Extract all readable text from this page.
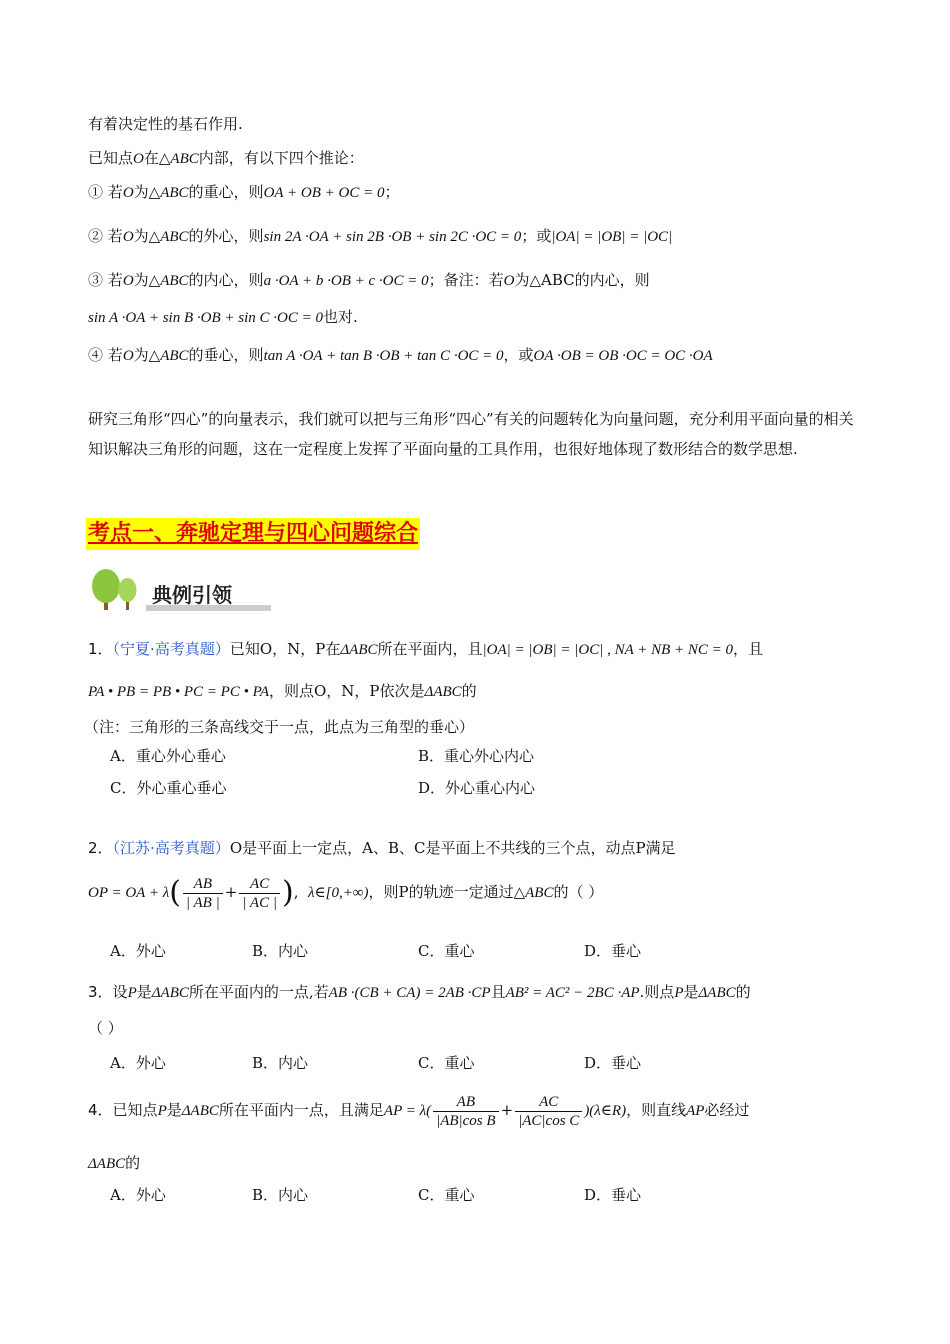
有着决定性的基石作用.
已知点O在△ABC内部，有以下四个推论：
① 若O为△ABC的重心，则OA + OB + OC = 0；
② 若O为△ABC的外心，则sin 2A ·OA + sin 2B ·OB + sin 2C ·OC = 0；或|OA| = |OB| = |OC|
③ 若O为△ABC的内心，则a ·OA + b ·OB + c ·OC = 0；备注：若O为△ABC的内心，则
sin A ·OA + sin B ·OB + sin C ·OC = 0也对.
④ 若O为△ABC的垂心，则tan A ·OA + tan B ·OB + tan C ·OC = 0，或OA ·OB = OB ·OC = OC ·OA
研究三角形“四心”的向量表示，我们就可以把与三角形“四心”有关的问题转化为向量问题，充分利用平面向量的相关知识解决三角形的问题，这在一定程度上发挥了平面向量的工具作用，也很好地体现了数形结合的数学思想.
考点一、奔驰定理与四心问题综合
典例引领
1．（宁夏·高考真题）已知O，N，P在ΔABC所在平面内，且|OA| = |OB| = |OC| , NA + NB + NC = 0，且
PA • PB = PB • PC = PC • PA，则点O，N，P依次是ΔABC的
（注：三角形的三条高线交于一点，此点为三角型的垂心）
A．重心外心垂心	B．重心外心内心
C．外心重心垂心	D．外心重心内心
2．（江苏·高考真题）O是平面上一定点，A、B、C是平面上不共线的三个点，动点P满足
OP = OA + $\lambda( \frac{AB}{| AB |} + \frac{AC}{| AC |}$ ),  λ∈[0,+∞)，则P的轨迹一定通过△ABC的（ ）
A．外心	B．内心	C．重心	D．垂心
3．设P是ΔABC所在平面内的一点,若AB ·(CB + CA) = 2AB ·CP且AB² = AC² − 2BC ·AP.则点P是ΔABC的
（ ）
A．外心	B．内心	C．重心	D．垂心
4．已知点P是ΔABC所在平面内一点，且满足AP = $\lambda( \frac{AB}{\text{|AB|cos B}} + \frac{AC}{\text{|AC|cos C}}$ )(λ∈R)，则直线AP必经过
ΔABC的
A．外心	B．内心	C．重心	D．垂心
